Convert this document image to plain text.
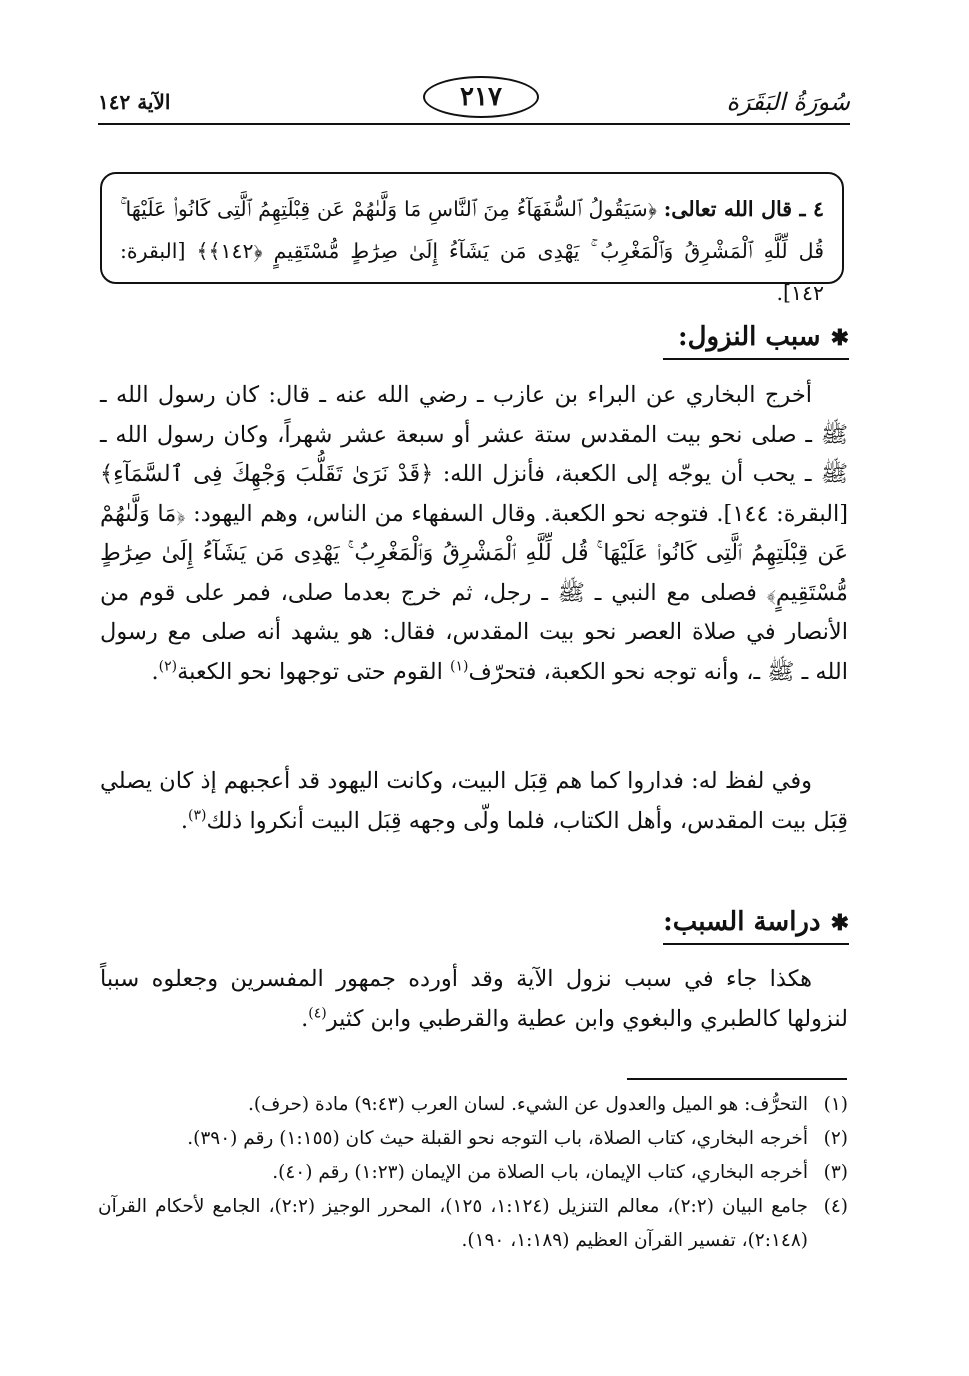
سُورَةُ البَقَرَة
٢١٧
الآية ١٤٢
٤ ـ قال الله تعالى: ﴿سَيَقُولُ ٱلسُّفَهَآءُ مِنَ ٱلنَّاسِ مَا وَلَّىٰهُمْ عَن قِبْلَتِهِمُ ٱلَّتِى كَانُوا۟ عَلَيْهَا ۚ قُل لِّلَّهِ ٱلْمَشْرِقُ وَٱلْمَغْرِبُ ۚ يَهْدِى مَن يَشَآءُ إِلَىٰ صِرَٰطٍ مُّسْتَقِيمٍ ﴿١٤٢﴾﴾ [البقرة: ١٤٢].
✱سبب النزول:

أخرج البخاري عن البراء بن عازب ـ رضي الله عنه ـ قال: كان رسول الله ـ ﷺ ـ صلى نحو بيت المقدس ستة عشر أو سبعة عشر شهراً، وكان رسول الله ـ ﷺ ـ يحب أن يوجّه إلى الكعبة، فأنزل الله: ﴿قَدْ نَرَىٰ تَقَلُّبَ وَجْهِكَ فِى ٱلسَّمَآءِ﴾ [البقرة: ١٤٤]. فتوجه نحو الكعبة. وقال السفهاء من الناس، وهم اليهود: ﴿مَا وَلَّىٰهُمْ عَن قِبْلَتِهِمُ ٱلَّتِى كَانُوا۟ عَلَيْهَا ۚ قُل لِّلَّهِ ٱلْمَشْرِقُ وَٱلْمَغْرِبُ ۚ يَهْدِى مَن يَشَآءُ إِلَىٰ صِرَٰطٍ مُّسْتَقِيمٍ﴾ فصلى مع النبي ـ ﷺ ـ رجل، ثم خرج بعدما صلى، فمر على قوم من الأنصار في صلاة العصر نحو بيت المقدس، فقال: هو يشهد أنه صلى مع رسول الله ـ ﷺ ـ، وأنه توجه نحو الكعبة، فتحرّف$^{(١)}$ القوم حتى توجهوا نحو الكعبة$^{(٢)}$.

وفي لفظ له: فداروا كما هم قِبَل البيت، وكانت اليهود قد أعجبهم إذ كان يصلي قِبَل بيت المقدس، وأهل الكتاب، فلما ولّى وجهه قِبَل البيت أنكروا ذلك$^{(٣)}$.

✱دراسة السبب:

هكذا جاء في سبب نزول الآية وقد أورده جمهور المفسرين وجعلوه سبباً لنزولها كالطبري والبغوي وابن عطية والقرطبي وابن كثير$^{(٤)}$.

(١)
التحرُّف: هو الميل والعدول عن الشيء. لسان العرب (٩:٤٣) مادة (حرف).
(٢)
أخرجه البخاري، كتاب الصلاة، باب التوجه نحو القبلة حيث كان (١:١٥٥) رقم (٣٩٠).
(٣)
أخرجه البخاري، كتاب الإيمان، باب الصلاة من الإيمان (١:٢٣) رقم (٤٠).
(٤)
جامع البيان (٢:٢)، معالم التنزيل (١:١٢٤، ١٢٥)، المحرر الوجيز (٢:٢)، الجامع لأحكام القرآن (٢:١٤٨)، تفسير القرآن العظيم (١:١٨٩، ١٩٠).
